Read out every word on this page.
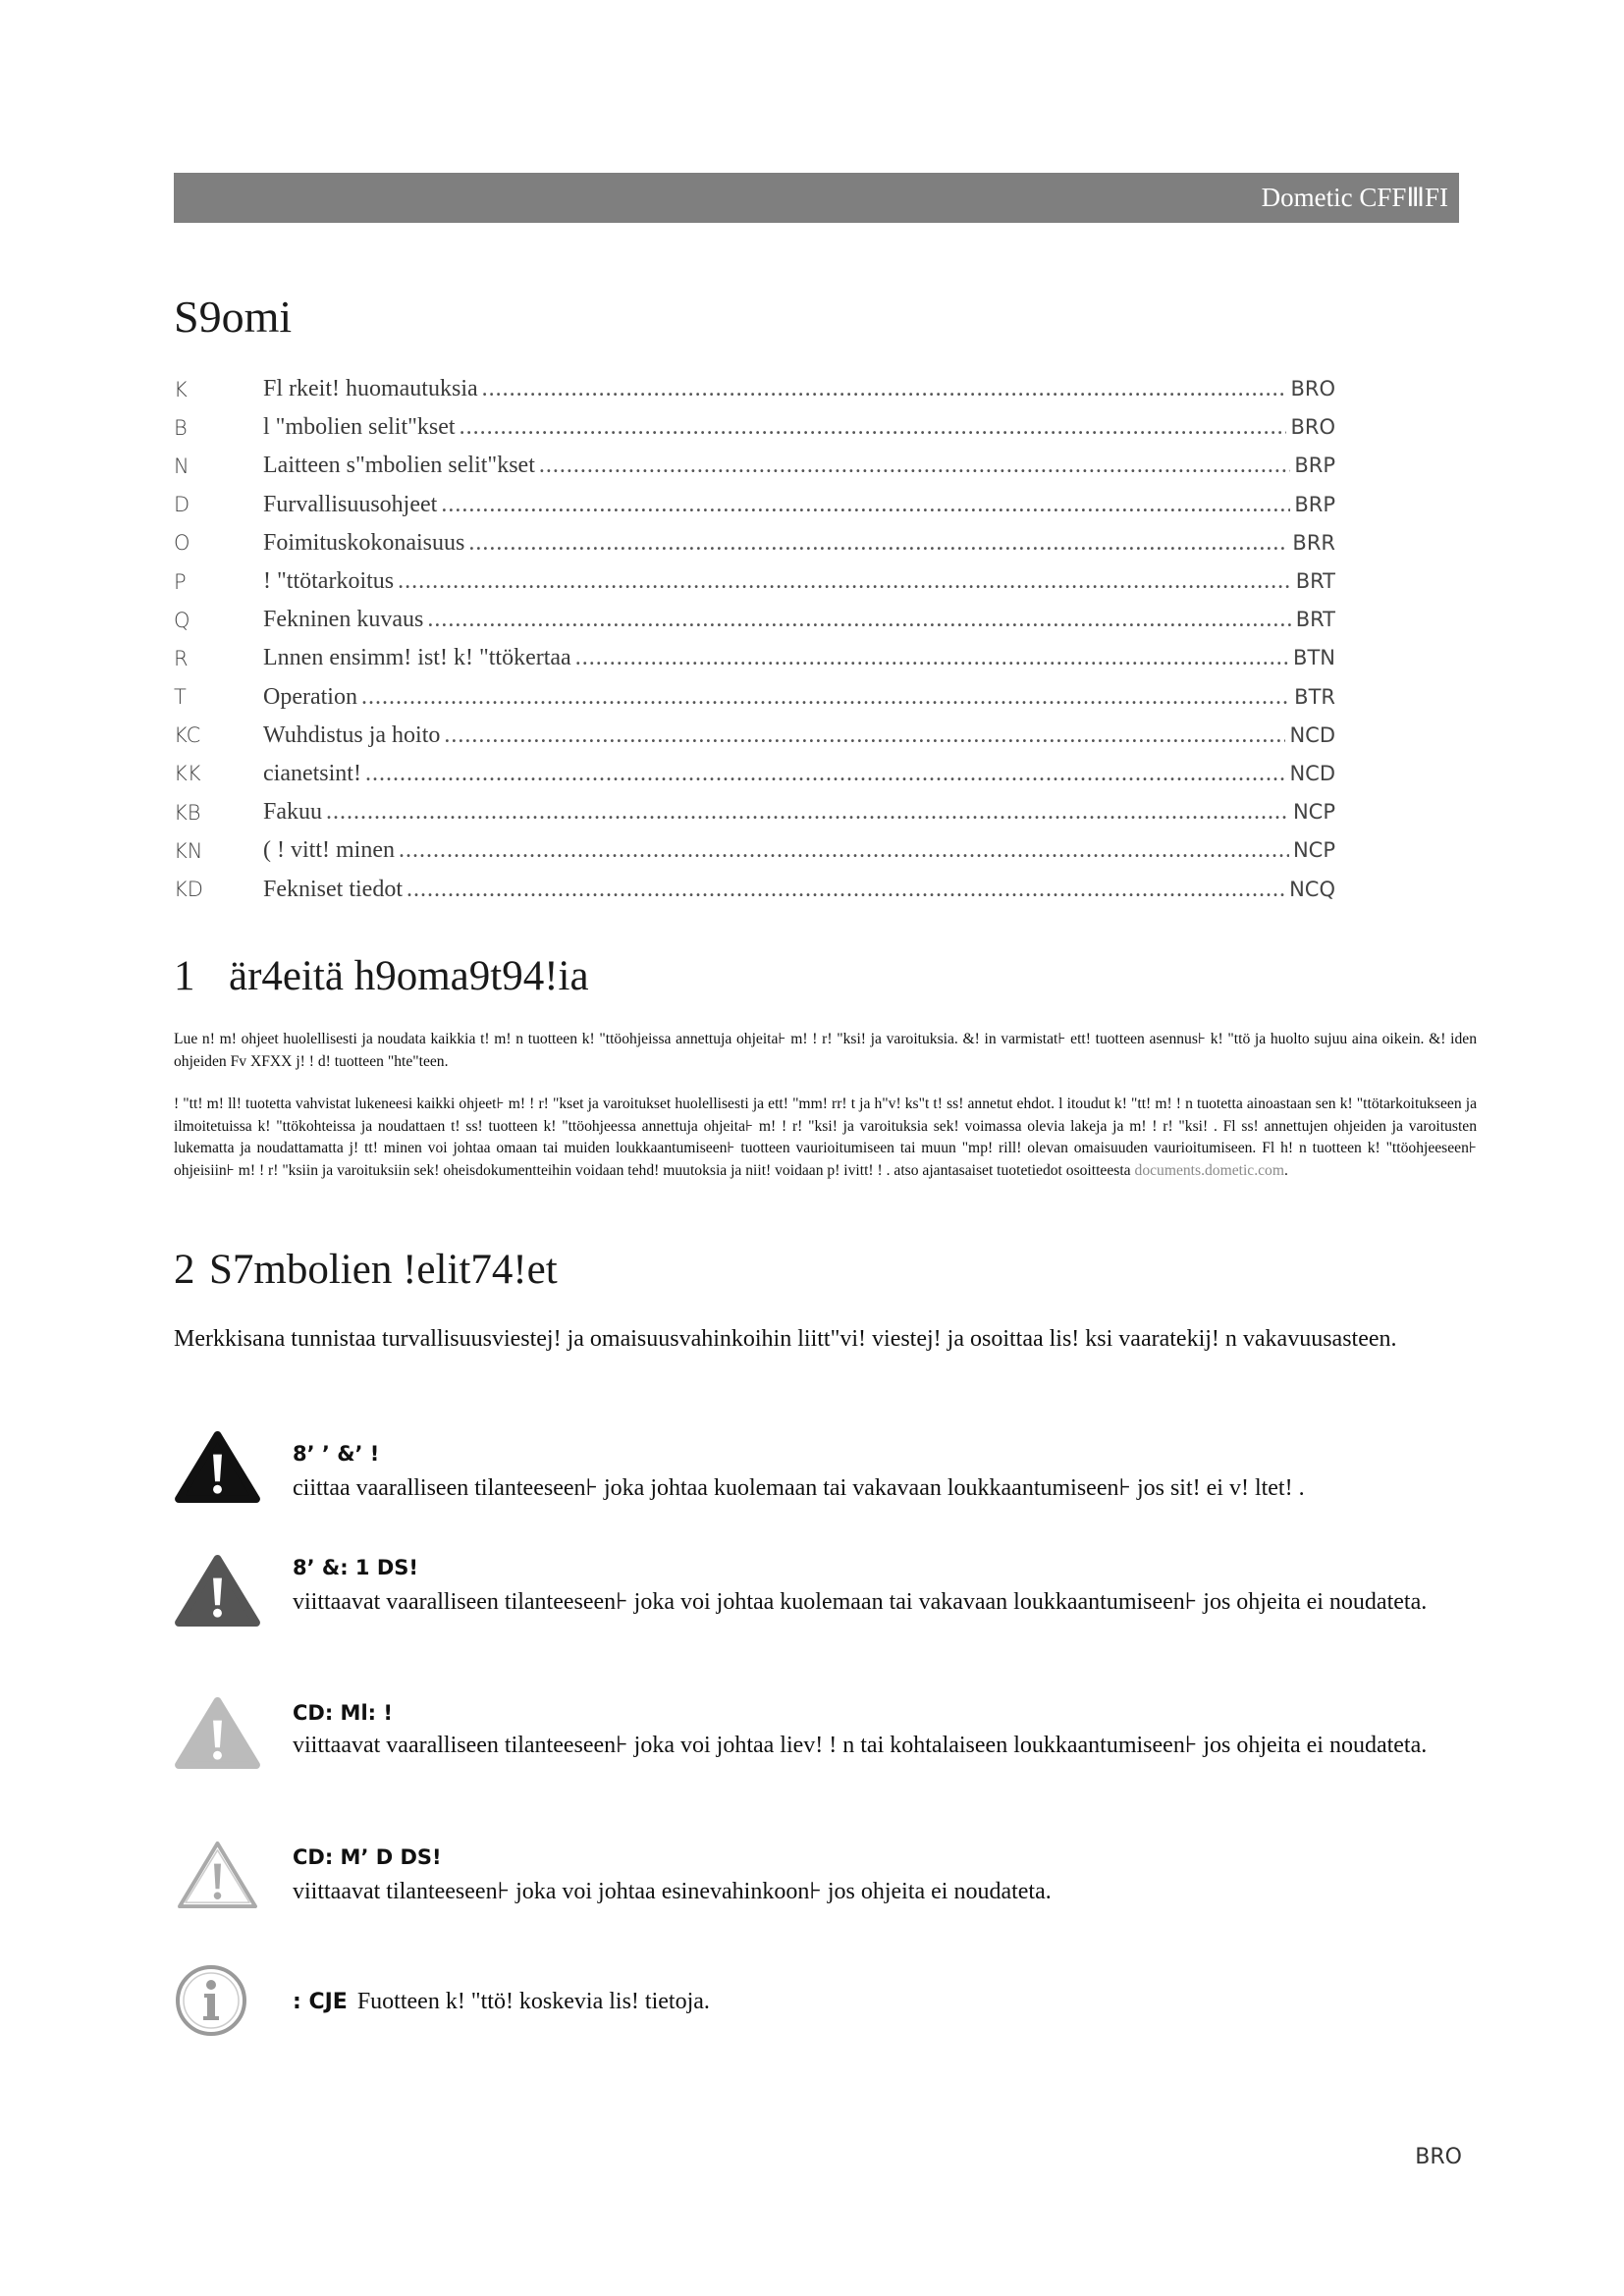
Dometic CFFⅢFI
S9omi
K	Fl rkeit! huomautuksia .....	BRO
B	l "mbolien selit"kset .....	BRO
N	Laitteen s"mbolien selit"kset .....	BRP
D	Furvallisuusohjeet .....	BRP
O	Foimituskokonaisuus .....	BRR
P	! "ttötarkoitus .....	BRT
Q	Fekninen kuvaus .....	BRT
R	Lnnen ensimm! ist! k! "ttökertaa .....	BTN
T	Operation .....	BTR
KC	Wuhdistus ja hoito .....	NCD
KK	cianetsint! .....	NCD
KB	Fakuu .....	NCP
KN	( ! vitt! minen .....	NCP
KD	Fekniset tiedot .....	NCQ
1 är4eitä h9oma9t94!ia
Lue n! m! ohjeet huolellisesti ja noudata kaikkia t! m! n tuotteen k! "ttöohjeissa annettuja ohjeita⊦ m! ! r! "ksi! ja varoituksia. &! in varmistat⊦ ett! tuotteen asennus⊦ k! "ttö ja huolto sujuu aina oikein. &! iden ohjeiden Fv XFXX j! ! d! tuotteen "hte"teen.
! "tt! m! ll! tuotetta vahvistat lukeneesi kaikki ohjeet⊦ m! ! r! "kset ja varoitukset huolellisesti ja ett! "mm! rr! t ja h"v! ks"t t! ss! annetut ehdot. l itoudut k! "tt! m! ! n tuotetta ainoastaan sen k! "ttötarkoitukseen ja ilmoitetuissa k! "ttökohteissa ja noudattaen t! ss! tuotteen k! "ttöohjeessa annettuja ohjeita⊦ m! ! r! "ksi! ja varoituksia sek! voimassa olevia lakeja ja m! ! r! "ksi! . Fl ss! annettujen ohjeiden ja varoitusten lukematta ja noudattamatta j! tt! minen voi johtaa omaan tai muiden loukkaantumiseen⊦ tuotteen vaurioitumiseen tai muun "mp! rill! olevan omaisuuden vaurioitumiseen. Fl h! n tuotteen k! "ttöohjeeseen⊦ ohjeisiin⊦ m! ! r! "ksiin ja varoituksiin sek! oheisdokumentteihin voidaan tehd! muutoksia ja niit! voidaan p! ivitt! ! . atso ajantasaiset tuotetiedot osoitteesta documents.dometic.com.
2 S7mbolien !elit74!et
Merkkisana tunnistaa turvallisuusviestej! ja omaisuusvahinkoihin liitt"vi! viestej! ja osoittaa lis! ksi vaaratekij! n vakavuusasteen.
8’ ’ &’ !
ciittaa vaaralliseen tilanteeseen⊦ joka johtaa kuolemaan tai vakavaan loukkaantumiseen⊦ jos sit! ei v! ltet! .
8’ &: 1 DS!
viittaavat vaaralliseen tilanteeseen⊦ joka voi johtaa kuolemaan tai vakavaan loukkaantumiseen⊦ jos ohjeita ei noudateta.
CD: Ml: !
viittaavat vaaralliseen tilanteeseen⊦ joka voi johtaa liev! ! n tai kohtalaiseen loukkaantumiseen⊦ jos ohjeita ei noudateta.
CD: M’ D DS!
viittaavat tilanteeseen⊦ joka voi johtaa esinevahinkoon⊦ jos ohjeita ei noudateta.
: CJE Fuotteen k! "ttö! koskevia lis! tietoja.
BRO
